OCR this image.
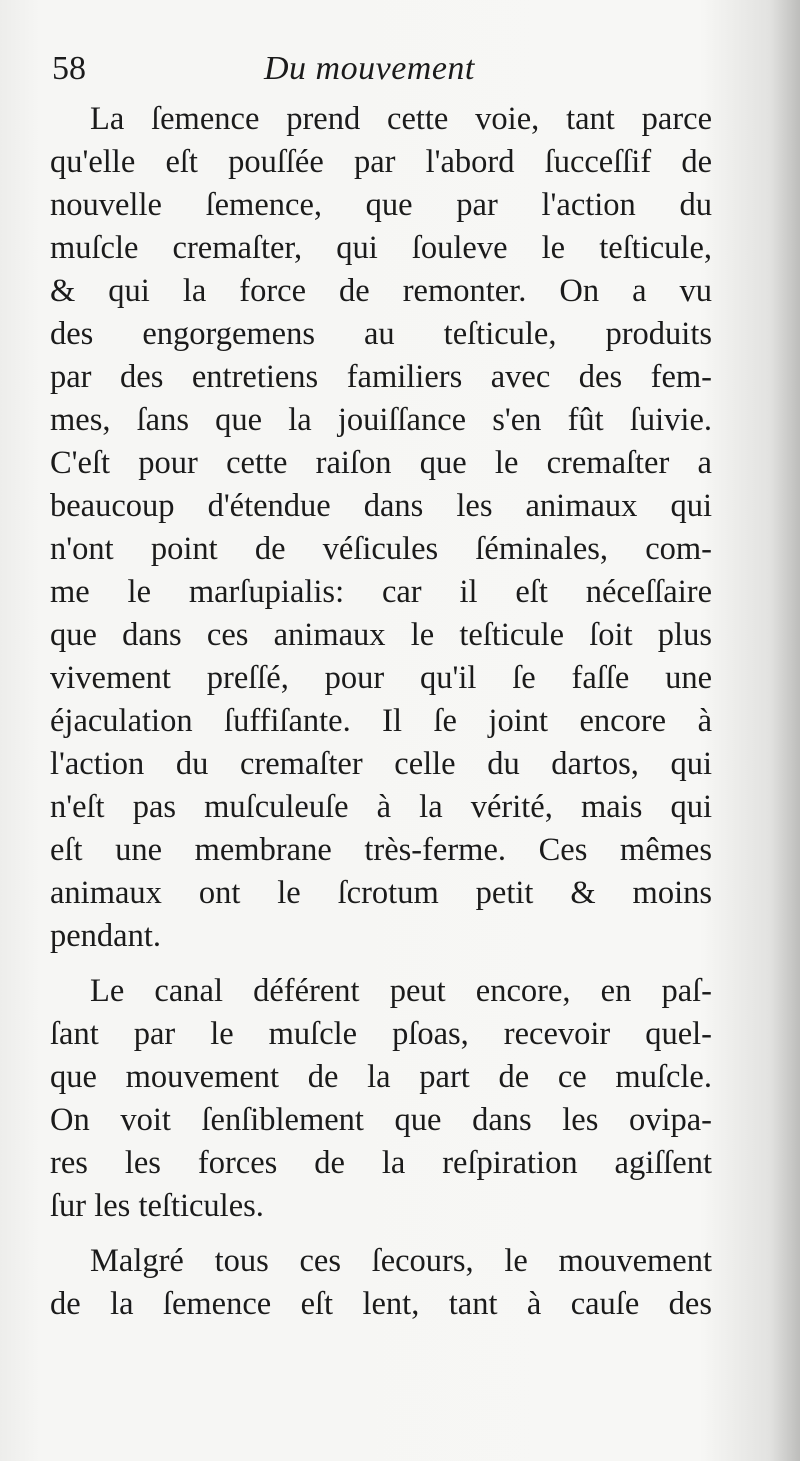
58	Du mouvement
La ſemence prend cette voie, tant parce
qu'elle eſt pouſſée par l'abord ſucceſſif de
nouvelle ſemence, que par l'action du
muſcle cremaſter, qui ſouleve le teſticule,
& qui la force de remonter. On a vu
des engorgemens au teſticule, produits
par des entretiens familiers avec des fem-
mes, ſans que la jouiſſance s'en fût ſuivie.
C'eſt pour cette raiſon que le cremaſter a
beaucoup d'étendue dans les animaux qui
n'ont point de véſicules ſéminales, com-
me le marſupialis: car il eſt néceſſaire
que dans ces animaux le teſticule ſoit plus
vivement preſſé, pour qu'il ſe faſſe une
éjaculation ſuffiſante. Il ſe joint encore à
l'action du cremaſter celle du dartos, qui
n'eſt pas muſculeuſe à la vérité, mais qui
eſt une membrane très-ferme. Ces mêmes
animaux ont le ſcrotum petit & moins
pendant.
Le canal déférent peut encore, en paſ-
ſant par le muſcle pſoas, recevoir quel-
que mouvement de la part de ce muſcle.
On voit ſenſiblement que dans les ovipa-
res les forces de la reſpiration agiſſent
ſur les teſticules.
Malgré tous ces ſecours, le mouvement
de la ſemence eſt lent, tant à cauſe des
